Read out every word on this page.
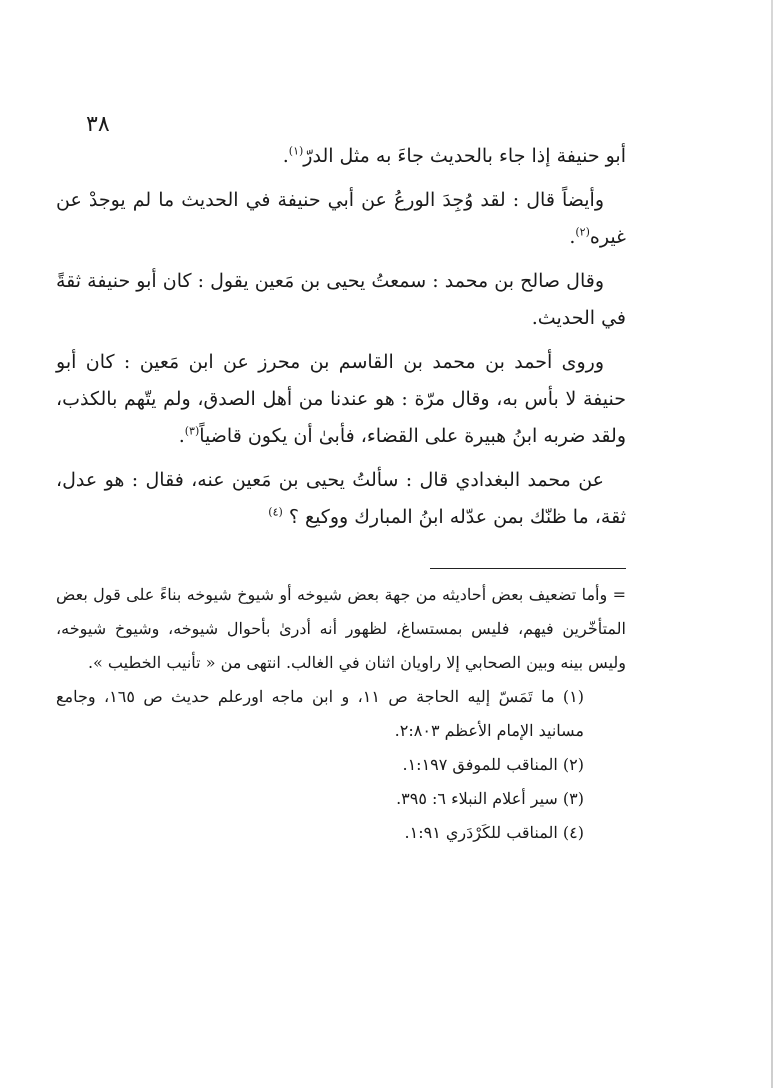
٣٨

أبو حنيفة إذا جاء بالحديث جاءَ به مثل الدرّ$^{(١)}$.

وأيضاً قال : لقد وُجِدَ الورعُ عن أبي حنيفة في الحديث ما لم يوجدْ عن غيره$^{(٢)}$.

وقال صالح بن محمد : سمعتُ يحيى بن مَعين يقول : كان أبو حنيفة ثقةً في الحديث.

وروى أحمد بن محمد بن القاسم بن محرز عن ابن مَعين : كان أبو حنيفة لا بأس به، وقال مرّة : هو عندنا من أهل الصدق، ولم يتّهم بالكذب، ولقد ضربه ابنُ هبيرة على القضاء، فأبىٰ أن يكون قاضياً$^{(٣)}$.

عن محمد البغدادي قال : سألتُ يحيى بن مَعين عنه، فقال : هو عدل، ثقة، ما ظنّك بمن عدّله ابنُ المبارك ووكيع ؟ $^{(٤)}$

= وأما تضعيف بعض أحاديثه من جهة بعض شيوخه أو شيوخ شيوخه بناءً على قول بعض المتأخّرين فيهم، فليس بمستساغ، لظهور أنه أدرىٰ بأحوال شيوخه، وشيوخ شيوخه، وليس بينه وبين الصحابي إلا راويان اثنان في الغالب. انتهى من « تأنيب الخطيب ».

(١) ما تَمَسّ إليه الحاجة ص ١١، و ابن ماجه اورعلم حديث ص ١٦٥، وجامع مسانيد الإمام الأعظم ٢:٨٠٣.

(٢) المناقب للموفق ١:١٩٧.

(٣) سير أعلام النبلاء ٦: ٣٩٥.

(٤) المناقب للكَرْدَري ١:٩١.
